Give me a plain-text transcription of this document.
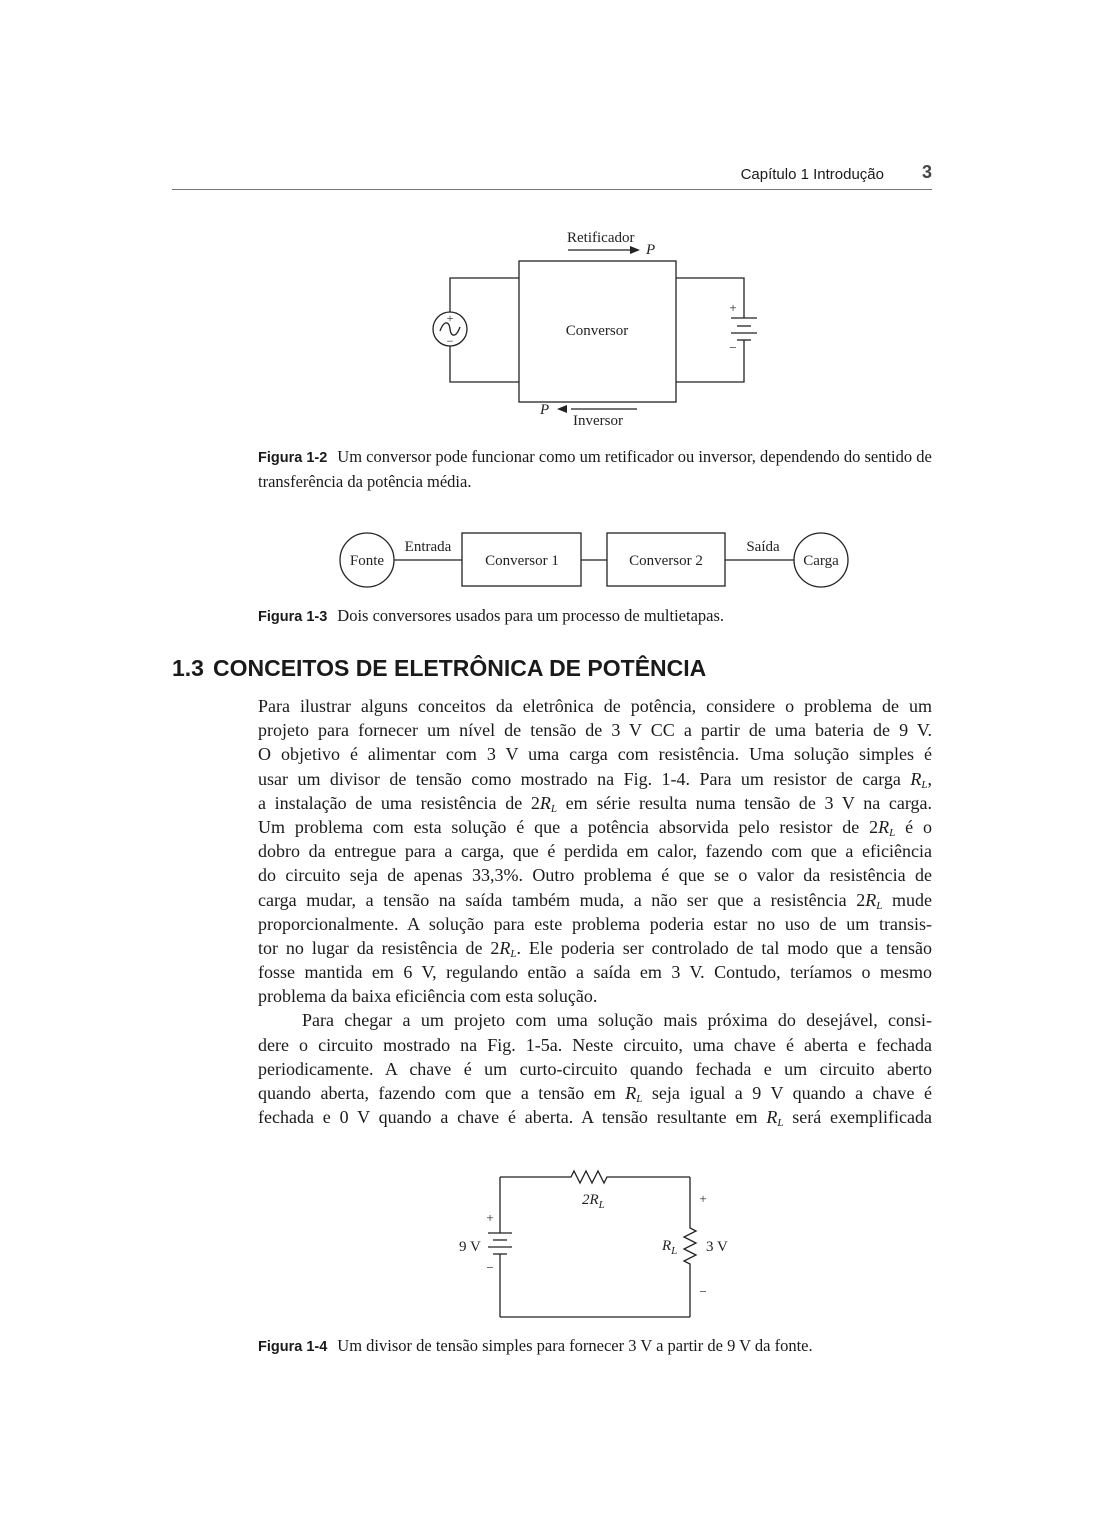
Capítulo 1 Introdução 3
Retificador
P
Conversor
P
Inversor
+
−
+
−
Figura 1-2 Um conversor pode funcionar como um retificador ou inversor, dependendo do sentido de transferência da potência média.
Fonte
Entrada
Conversor 1	Conversor 2
Saída
Carga
Figura 1-3 Dois conversores usados para um processo de multietapas.
1.3 CONCEITOS DE ELETRÔNICA DE POTÊNCIA
Para ilustrar alguns conceitos da eletrônica de potência, considere o problema de um
projeto para fornecer um nível de tensão de 3 V CC a partir de uma bateria de 9 V.
O objetivo é alimentar com 3 V uma carga com resistência. Uma solução simples é
usar um divisor de tensão como mostrado na Fig. 1-4. Para um resistor de carga $R_L$,
a instalação de uma resistência de $2R_L$ em série resulta numa tensão de 3 V na carga.
Um problema com esta solução é que a potência absorvida pelo resistor de $2R_L$ é o
dobro da entregue para a carga, que é perdida em calor, fazendo com que a eficiência
do circuito seja de apenas 33,3%. Outro problema é que se o valor da resistência de
carga mudar, a tensão na saída também muda, a não ser que a resistência $2R_L$ mude
proporcionalmente. A solução para este problema poderia estar no uso de um transis-
tor no lugar da resistência de $2R_L$. Ele poderia ser controlado de tal modo que a tensão
fosse mantida em 6 V, regulando então a saída em 3 V. Contudo, teríamos o mesmo
problema da baixa eficiência com esta solução.
Para chegar a um projeto com uma solução mais próxima do desejável, consi-
dere o circuito mostrado na Fig. 1-5a. Neste circuito, uma chave é aberta e fechada
periodicamente. A chave é um curto-circuito quando fechada e um circuito aberto
quando aberta, fazendo com que a tensão em $R_L$ seja igual a 9 V quando a chave é
fechada e 0 V quando a chave é aberta. A tensão resultante em $R_L$ será exemplificada
$2R_L$
$R_L$ 3 V
9 V
+
−
+
−
Figura 1-4 Um divisor de tensão simples para fornecer 3 V a partir de 9 V da fonte.
